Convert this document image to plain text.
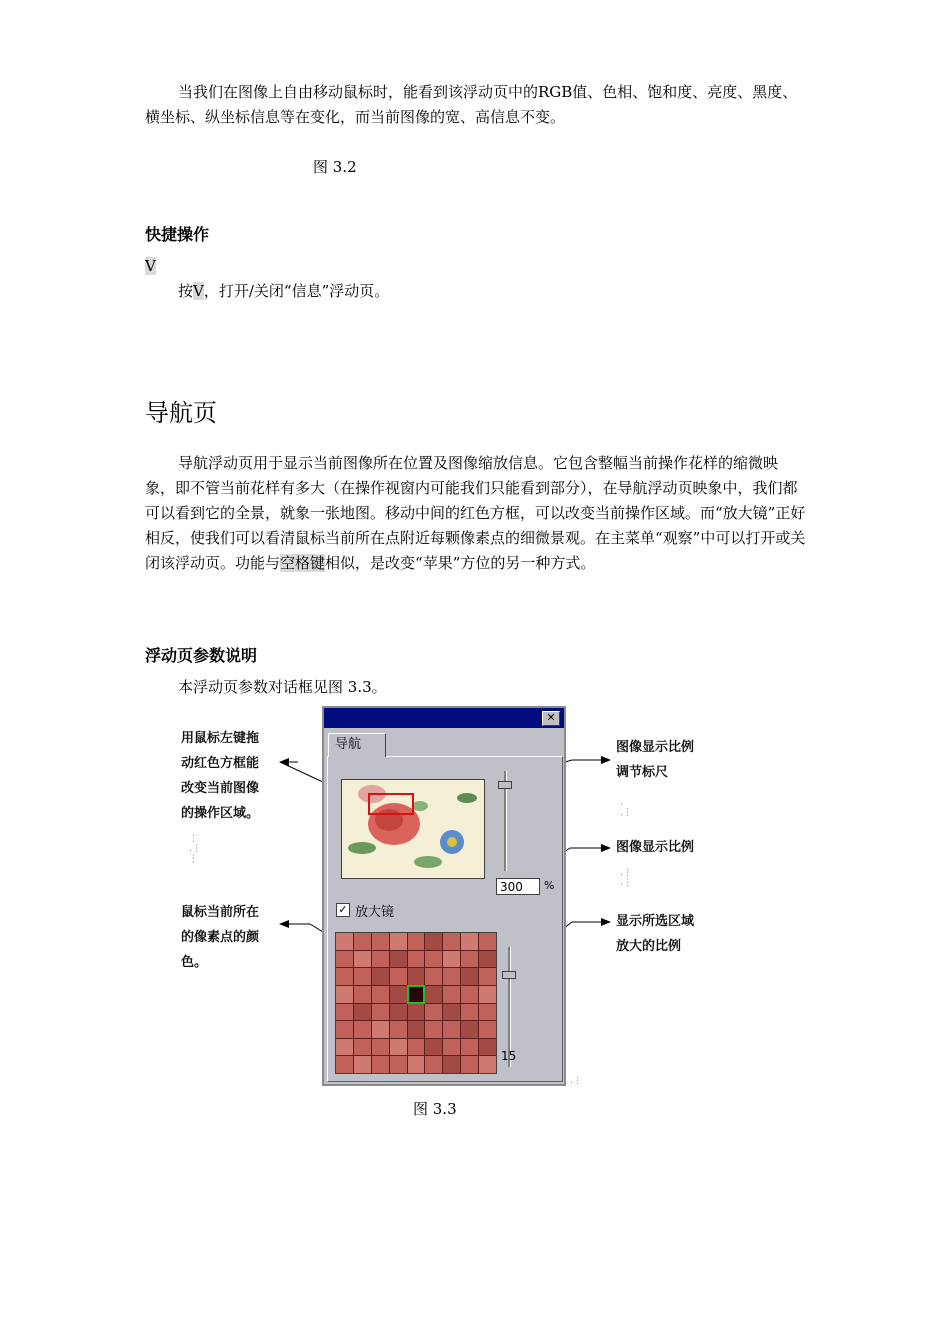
当我们在图像上自由移动鼠标时，能看到该浮动页中的RGB值、色相、饱和度、亮度、黑度、横坐标、纵坐标信息等在变化，而当前图像的宽、高信息不变。

图 3.2

快捷操作

V

按V，打开/关闭“信息”浮动页。

导航页

导航浮动页用于显示当前图像所在位置及图像缩放信息。它包含整幅当前操作花样的缩微映象，即不管当前花样有多大（在操作视窗内可能我们只能看到部分），在导航浮动页映象中，我们都可以看到它的全景，就象一张地图。移动中间的红色方框，可以改变当前操作区域。而“放大镜”正好相反，使我们可以看清鼠标当前所在点附近每颗像素点的细微景观。在主菜单“观察”中可以打开或关闭该浮动页。功能与空格键相似，是改变“苹果”方位的另一种方式。

浮动页参数说明

本浮动页参数对话框见图 3.3。

用鼠标左键拖
动红色方框能
改变当前图像
的操作区域。
⋮
.⋮
⋮
鼠标当前所在
的像素点的颜
色。
图像显示比例
调节标尺
.
.⋮
图像显示比例
.⋮
.⋮
显示所选区域
放大的比例
✕
导航
300	%
✓ 放大镜
15
.⋮

图 3.3
